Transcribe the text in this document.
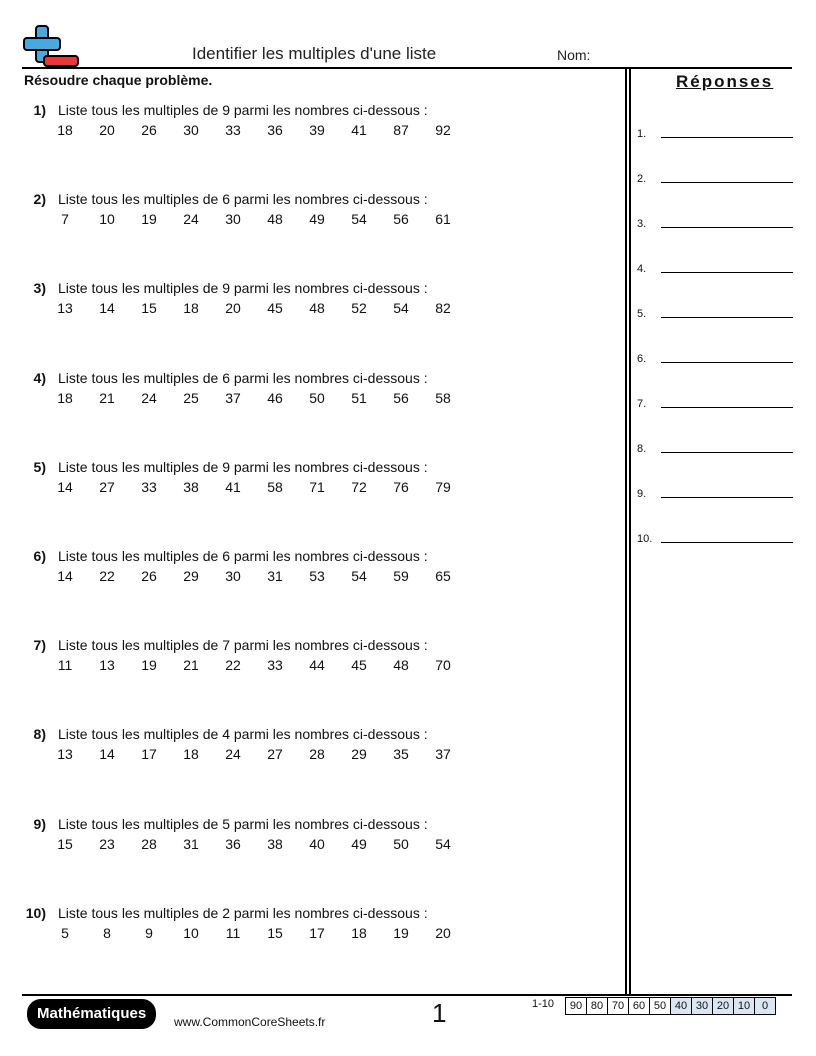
Identifier les multiples d'une liste	Nom:
Résoudre chaque problème.	Réponses
1) Liste tous les multiples de 9 parmi les nombres ci-dessous :
18 20 26 30 33 36 39 41 87 92
2) Liste tous les multiples de 6 parmi les nombres ci-dessous :
7	10 19 24 30 48 49 54 56 61
3) Liste tous les multiples de 9 parmi les nombres ci-dessous :
13 14 15 18 20 45 48 52 54 82
4) Liste tous les multiples de 6 parmi les nombres ci-dessous :
18 21 24 25 37 46 50 51 56 58
5) Liste tous les multiples de 9 parmi les nombres ci-dessous :
14 27 33 38 41 58 71 72 76 79
6) Liste tous les multiples de 6 parmi les nombres ci-dessous :
14 22 26 29 30 31 53 54 59 65
7) Liste tous les multiples de 7 parmi les nombres ci-dessous :
11 13 19 21 22 33 44 45 48 70
8) Liste tous les multiples de 4 parmi les nombres ci-dessous :
13 14 17 18 24 27 28 29 35 37
9) Liste tous les multiples de 5 parmi les nombres ci-dessous :
15 23 28 31 36 38 40 49 50 54
10) Liste tous les multiples de 2 parmi les nombres ci-dessous :
5	8	9	10 11 15 17 18 19 20
1.
2.
3.
4.
5.
6.
7.
8.
9.
10.
Mathématiques	www.CommonCoreSheets.fr	1	1-10	90 80 70 60 50 40 30 20 10	0
